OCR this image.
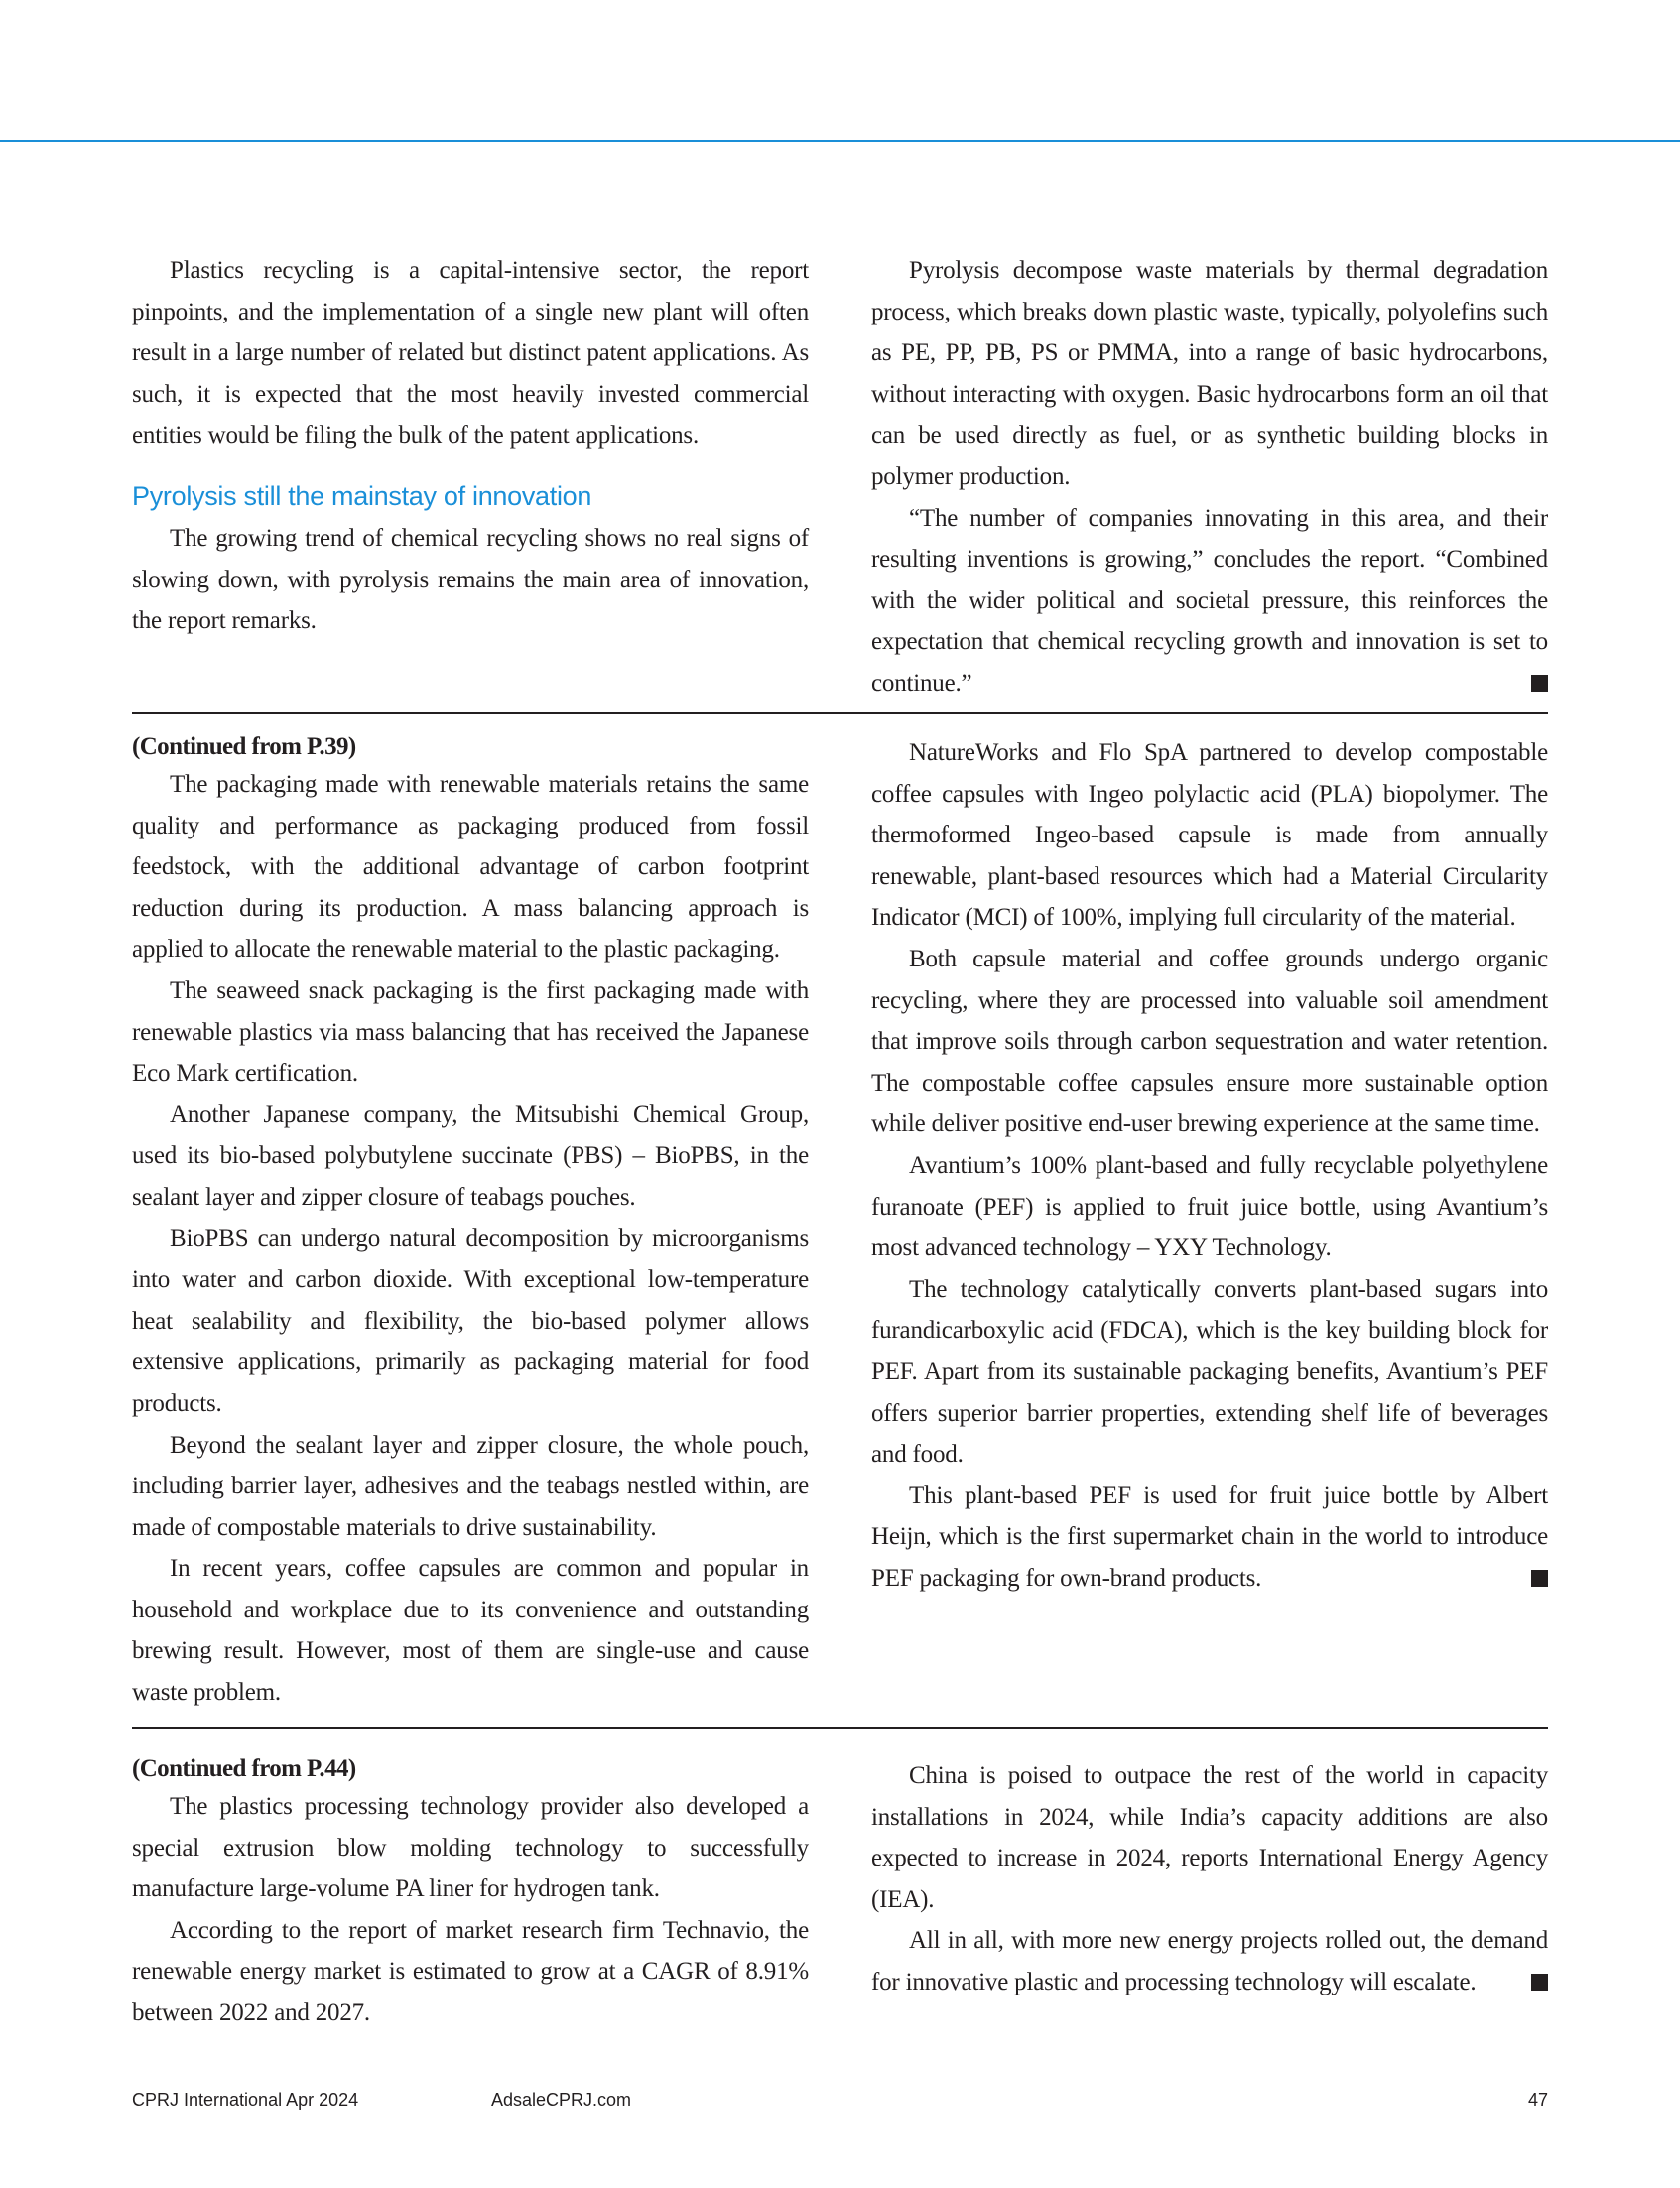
Plastics recycling is a capital-intensive sector, the report pinpoints, and the implementation of a single new plant will often result in a large number of related but distinct patent applications. As such, it is expected that the most heavily invested commercial entities would be filing the bulk of the patent applications.

Pyrolysis still the mainstay of innovation

The growing trend of chemical recycling shows no real signs of slowing down, with pyrolysis remains the main area of innovation, the report remarks.

Pyrolysis decompose waste materials by thermal degradation process, which breaks down plastic waste, typically, polyolefins such as PE, PP, PB, PS or PMMA, into a range of basic hydrocarbons, without interacting with oxygen. Basic hydrocarbons form an oil that can be used directly as fuel, or as synthetic building blocks in polymer production.

“The number of companies innovating in this area, and their resulting inventions is growing,” concludes the report. “Combined with the wider political and societal pressure, this reinforces the expectation that chemical recycling growth and innovation is set to continue.”

(Continued from P.39)

The packaging made with renewable materials retains the same quality and performance as packaging produced from fossil feedstock, with the additional advantage of carbon footprint reduction during its production. A mass balancing approach is applied to allocate the renewable material to the plastic packaging.

The seaweed snack packaging is the first packaging made with renewable plastics via mass balancing that has received the Japanese Eco Mark certification.

Another Japanese company, the Mitsubishi Chemical Group, used its bio-based polybutylene succinate (PBS) – BioPBS, in the sealant layer and zipper closure of teabags pouches.

BioPBS can undergo natural decomposition by microorganisms into water and carbon dioxide. With exceptional low-temperature heat sealability and flexibility, the bio-based polymer allows extensive applications, primarily as packaging material for food products.

Beyond the sealant layer and zipper closure, the whole pouch, including barrier layer, adhesives and the teabags nestled within, are made of compostable materials to drive sustainability.

In recent years, coffee capsules are common and popular in household and workplace due to its convenience and outstanding brewing result. However, most of them are single-use and cause waste problem.

NatureWorks and Flo SpA partnered to develop compostable coffee capsules with Ingeo polylactic acid (PLA) biopolymer. The thermoformed Ingeo-based capsule is made from annually renewable, plant-based resources which had a Material Circularity Indicator (MCI) of 100%, implying full circularity of the material.

Both capsule material and coffee grounds undergo organic recycling, where they are processed into valuable soil amendment that improve soils through carbon sequestration and water retention. The compostable coffee capsules ensure more sustainable option while deliver positive end-user brewing experience at the same time.

Avantium’s 100% plant-based and fully recyclable polyethylene furanoate (PEF) is applied to fruit juice bottle, using Avantium’s most advanced technology – YXY Technology.

The technology catalytically converts plant-based sugars into furandicarboxylic acid (FDCA), which is the key building block for PEF. Apart from its sustainable packaging benefits, Avantium’s PEF offers superior barrier properties, extending shelf life of beverages and food.

This plant-based PEF is used for fruit juice bottle by Albert Heijn, which is the first supermarket chain in the world to introduce PEF packaging for own-brand products.

(Continued from P.44)

The plastics processing technology provider also developed a special extrusion blow molding technology to successfully manufacture large-volume PA liner for hydrogen tank.

According to the report of market research firm Technavio, the renewable energy market is estimated to grow at a CAGR of 8.91% between 2022 and 2027.

China is poised to outpace the rest of the world in capacity installations in 2024, while India’s capacity additions are also expected to increase in 2024, reports International Energy Agency (IEA).

All in all, with more new energy projects rolled out, the demand for innovative plastic and processing technology will escalate.

CPRJ International Apr 2024	AdsaleCPRJ.com	47
